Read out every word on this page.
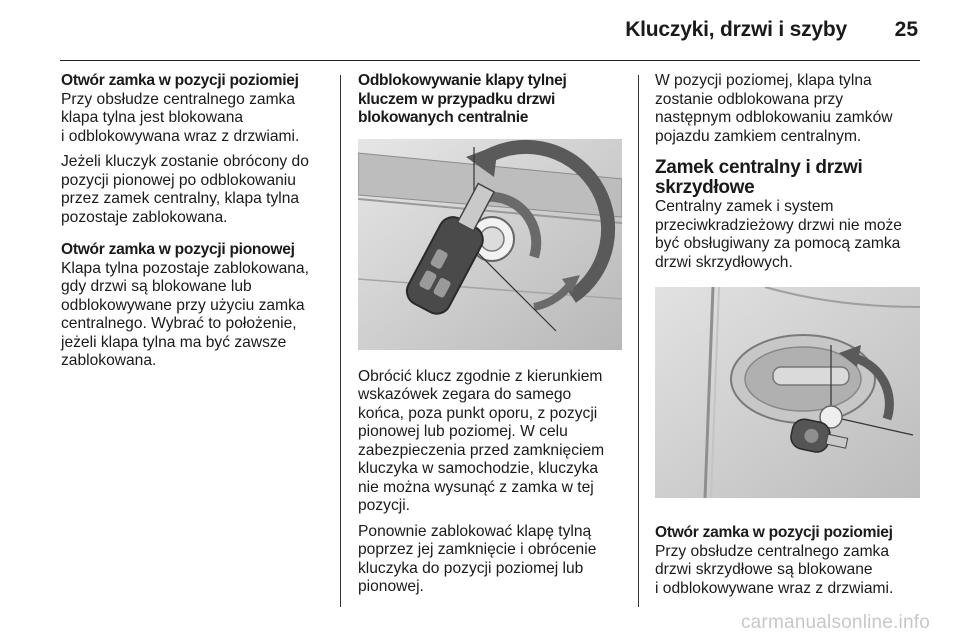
Kluczyki, drzwi i szyby 25

Otwór zamka w pozycji poziomiej

Przy obsłudze centralnego zamka
klapa tylna jest blokowana
i odblokowywana wraz z drzwiami.

Jeżeli kluczyk zostanie obrócony do
pozycji pionowej po odblokowaniu
przez zamek centralny, klapa tylna
pozostaje zablokowana.

Otwór zamka w pozycji pionowej

Klapa tylna pozostaje zablokowana,
gdy drzwi są blokowane lub
odblokowywane przy użyciu zamka
centralnego. Wybrać to położenie,
jeżeli klapa tylna ma być zawsze
zablokowana.

Odblokowywanie klapy tylnej
kluczem w przypadku drzwi
blokowanych centralnie

Obrócić klucz zgodnie z kierunkiem
wskazówek zegara do samego
końca, poza punkt oporu, z pozycji
pionowej lub poziomej. W celu
zabezpieczenia przed zamknięciem
kluczyka w samochodzie, kluczyka
nie można wysunąć z zamka w tej
pozycji.

Ponownie zablokować klapę tylną
poprzez jej zamknięcie i obrócenie
kluczyka do pozycji poziomej lub
pionowej.

W pozycji poziomej, klapa tylna
zostanie odblokowana przy
następnym odblokowaniu zamków
pojazdu zamkiem centralnym.

Zamek centralny i drzwi
skrzydłowe

Centralny zamek i system
przeciwkradzieżowy drzwi nie może
być obsługiwany za pomocą zamka
drzwi skrzydłowych.

Otwór zamka w pozycji poziomiej

Przy obsłudze centralnego zamka
drzwi skrzydłowe są blokowane
i odblokowywane wraz z drzwiami.

carmanualsonline.info
